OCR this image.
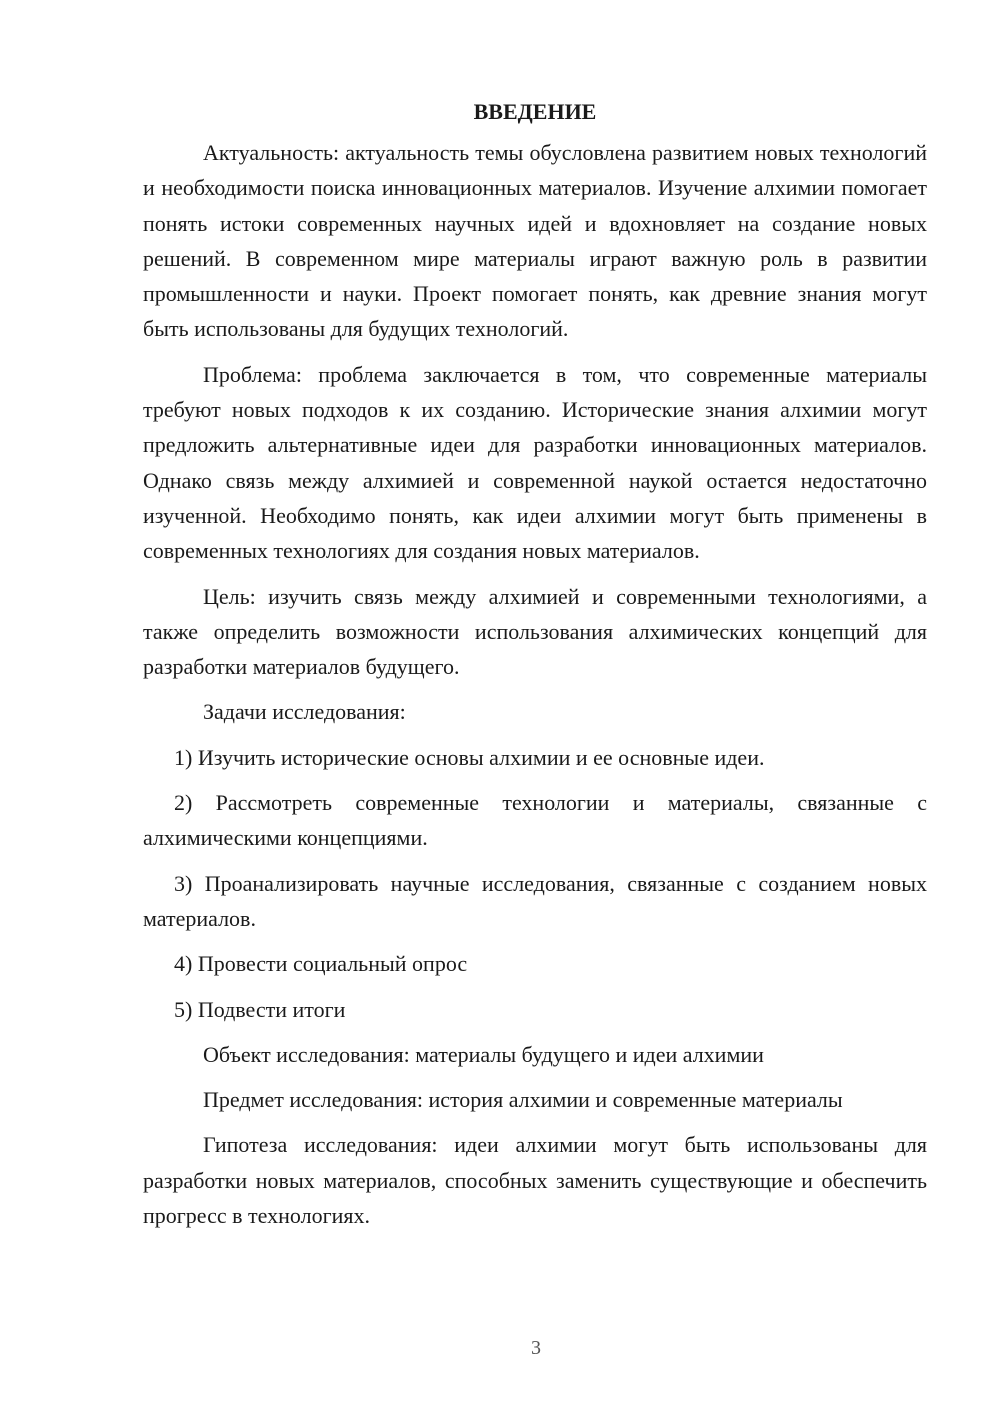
ВВЕДЕНИЕ

Актуальность: актуальность темы обусловлена развитием новых технологий и необходимости поиска инновационных материалов. Изучение алхимии помогает понять истоки современных научных идей и вдохновляет на создание новых решений. В современном мире материалы играют важную роль в развитии промышленности и науки. Проект помогает понять, как древние знания могут быть использованы для будущих технологий.

Проблема: проблема заключается в том, что современные материалы требуют новых подходов к их созданию. Исторические знания алхимии могут предложить альтернативные идеи для разработки инновационных материалов. Однако связь между алхимией и современной наукой остается недостаточно изученной. Необходимо понять, как идеи алхимии могут быть применены в современных технологиях для создания новых материалов.

Цель: изучить связь между алхимией и современными технологиями, а также определить возможности использования алхимических концепций для разработки материалов будущего.

Задачи исследования:

1) Изучить исторические основы алхимии и ее основные идеи.

2) Рассмотреть современные технологии и материалы, связанные с алхимическими концепциями.

3) Проанализировать научные исследования, связанные с созданием новых материалов.

4) Провести социальный опрос

5) Подвести итоги

Объект исследования: материалы будущего и идеи алхимии

Предмет исследования: история алхимии и современные материалы

Гипотеза исследования: идеи алхимии могут быть использованы для разработки новых материалов, способных заменить существующие и обеспечить прогресс в технологиях.

3
